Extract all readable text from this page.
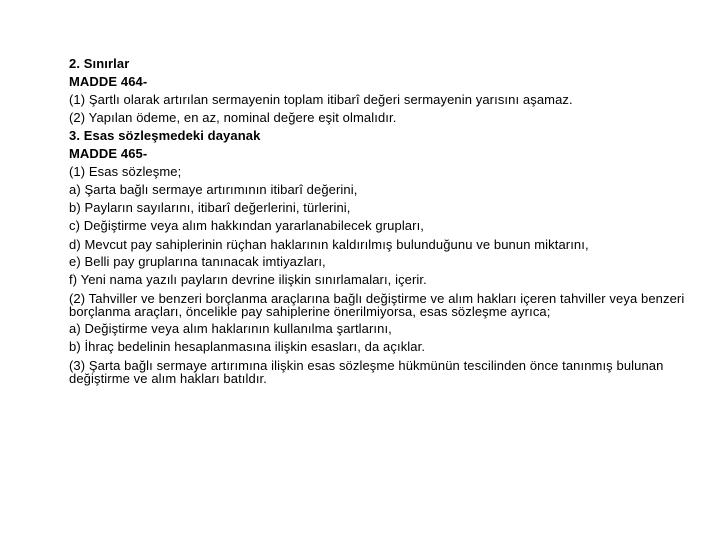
2. Sınırlar
MADDE 464-
(1) Şartlı olarak artırılan sermayenin toplam itibarî değeri sermayenin yarısını aşamaz.
(2) Yapılan ödeme, en az, nominal değere eşit olmalıdır.
3. Esas sözleşmedeki dayanak
MADDE 465-
(1) Esas sözleşme;
a) Şarta bağlı sermaye artırımının itibarî değerini,
b) Payların sayılarını, itibarî değerlerini, türlerini,
c) Değiştirme veya alım hakkından yararlanabilecek grupları,
d) Mevcut pay sahiplerinin rüçhan haklarının kaldırılmış bulunduğunu ve bunun miktarını,
e) Belli pay gruplarına tanınacak imtiyazları,
f) Yeni nama yazılı payların devrine ilişkin sınırlamaları, içerir.
(2) Tahviller ve benzeri borçlanma araçlarına bağlı değiştirme ve alım hakları içeren tahviller veya benzeri borçlanma araçları, öncelikle pay sahiplerine önerilmiyorsa, esas sözleşme ayrıca;
a) Değiştirme veya alım haklarının kullanılma şartlarını,
b) İhraç bedelinin hesaplanmasına ilişkin esasları, da açıklar.
(3) Şarta bağlı sermaye artırımına ilişkin esas sözleşme hükmünün tescilinden önce tanınmış bulunan değiştirme ve alım hakları batıldır.
